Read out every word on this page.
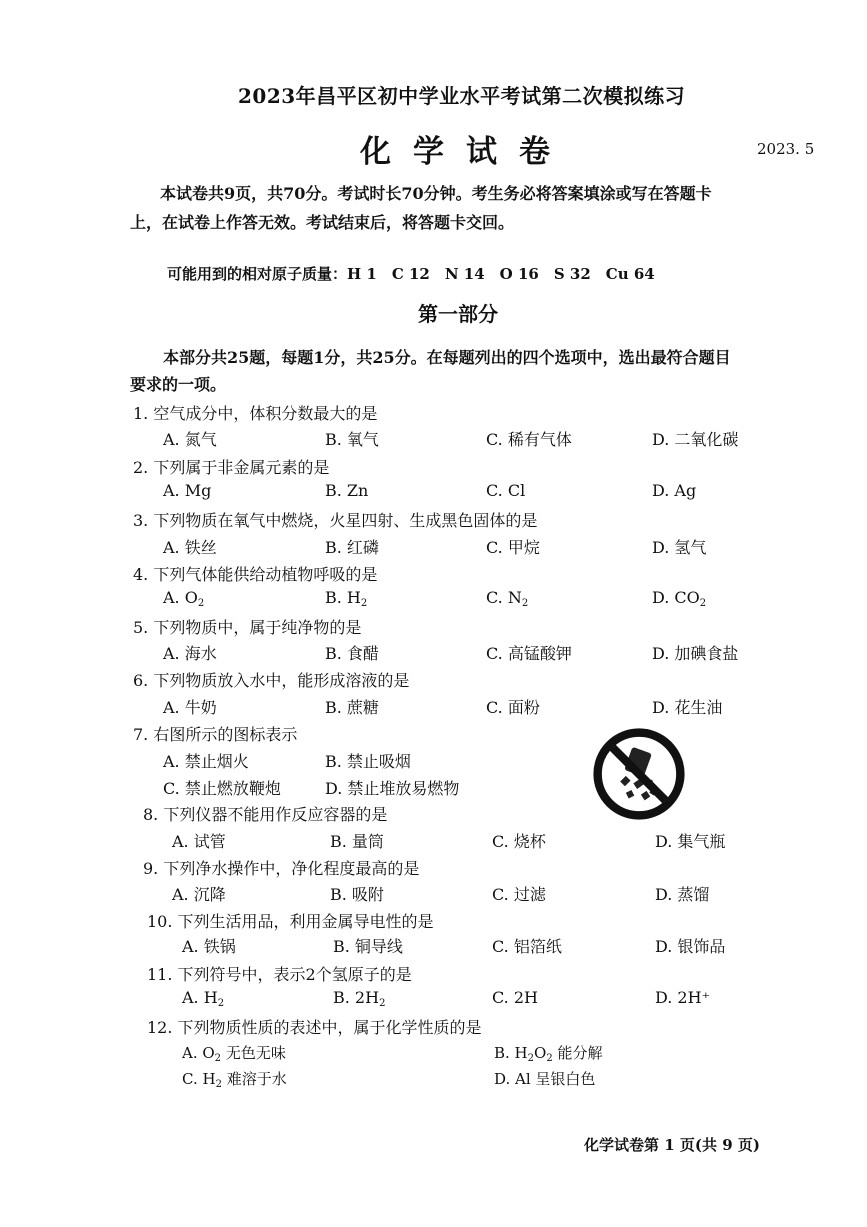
2023年昌平区初中学业水平考试第二次模拟练习
化学试卷	2023. 5
本试卷共9页，共70分。考试时长70分钟。考生务必将答案填涂或写在答题卡
上，在试卷上作答无效。考试结束后，将答题卡交回。
可能用到的相对原子质量：H 1　C 12　N 14　O 16　S 32　Cu 64
第一部分
本部分共25题，每题1分，共25分。在每题列出的四个选项中，选出最符合题目
要求的一项。
1. 空气成分中，体积分数最大的是
A. 氮气	B. 氧气	C. 稀有气体	D. 二氧化碳
2. 下列属于非金属元素的是
A. Mg	B. Zn	C. Cl	D. Ag
3. 下列物质在氧气中燃烧，火星四射、生成黑色固体的是
A. 铁丝	B. 红磷	C. 甲烷	D. 氢气
4. 下列气体能供给动植物呼吸的是
A. $O_2$	B. $H_2$	C. $N_2$	D. $CO_2$
5. 下列物质中，属于纯净物的是
A. 海水	B. 食醋	C. 高锰酸钾	D. 加碘食盐
6. 下列物质放入水中，能形成溶液的是
A. 牛奶	B. 蔗糖	C. 面粉	D. 花生油
7. 右图所示的图标表示
A. 禁止烟火	B. 禁止吸烟
C. 禁止燃放鞭炮	D. 禁止堆放易燃物
8. 下列仪器不能用作反应容器的是
A. 试管	B. 量筒	C. 烧杯	D. 集气瓶
9. 下列净水操作中，净化程度最高的是
A. 沉降	B. 吸附	C. 过滤	D. 蒸馏
10. 下列生活用品，利用金属导电性的是
A. 铁锅	B. 铜导线	C. 铝箔纸	D. 银饰品
11. 下列符号中，表示2个氢原子的是
A. $H_2$	B. $2H_2$	C. 2H	D. 2H⁺
12. 下列物质性质的表述中，属于化学性质的是
A. $O_2$ 无色无味	B. $H_2O_2$ 能分解
C. $H_2$ 难溶于水	D. Al 呈银白色
化学试卷第 1 页(共 9 页)
